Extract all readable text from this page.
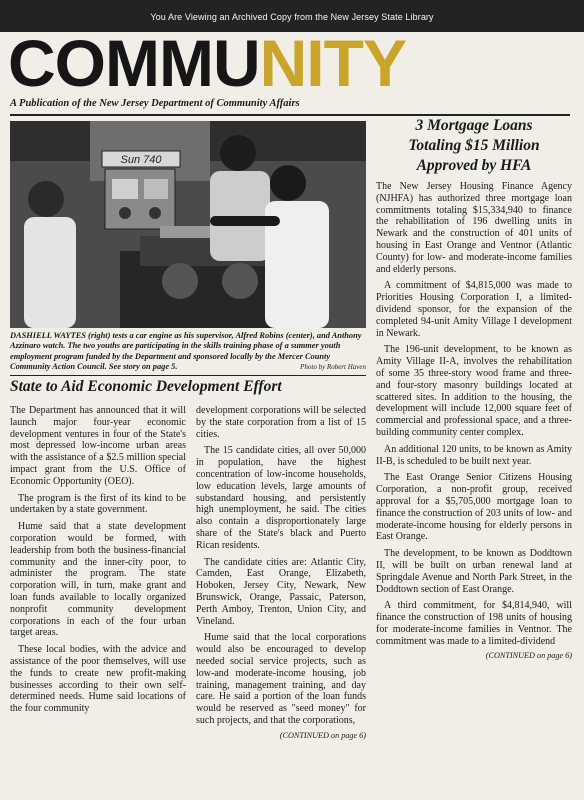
You Are Viewing an Archived Copy from the New Jersey State Library
COMMUNITY
A Publication of the New Jersey Department of Community Affairs
Sun 740
DASHIELL WAYTES (right) tests a car engine as his supervisor, Alfred Robins (center), and Anthony Azzinaro watch. The two youths are participating in the skills training phase of a summer youth employment program funded by the Department and sponsored locally by the Mercer County Community Action Council. See story on page 5.	Photo by Robert Haven
State to Aid Economic Development Effort

The Department has announced that it will launch major four-year economic development ventures in four of the State's most depressed low-income urban areas with the assistance of a $2.5 million special impact grant from the U.S. Office of Economic Opportunity (OEO).

The program is the first of its kind to be undertaken by a state government.

Hume said that a state development corporation would be formed, with leadership from both the business-financial community and the inner-city poor, to administer the program. The state corporation will, in turn, make grant and loan funds available to locally organized nonprofit community development corporations in each of the four urban target areas.

These local bodies, with the advice and assistance of the poor themselves, will use the funds to create new profit-making businesses according to their own self-determined needs. Hume said locations of the four community

development corporations will be selected by the state corporation from a list of 15 cities.

The 15 candidate cities, all over 50,000 in population, have the highest concentration of low-income households, low education levels, large amounts of substandard housing, and persistently high unemployment, he said. The cities also contain a disproportionately large share of the State's black and Puerto Rican residents.

The candidate cities are: Atlantic City, Camden, East Orange, Elizabeth, Hoboken, Jersey City, Newark, New Brunswick, Orange, Passaic, Paterson, Perth Amboy, Trenton, Union City, and Vineland.

Hume said that the local corporations would also be encouraged to develop needed social service projects, such as low-and moderate-income housing, job training, management training, and day care. He said a portion of the loan funds would be reserved as "seed money" for such projects, and that the corporations,

(CONTINUED on page 6)
3 Mortgage Loans
Totaling $15 Million
Approved by HFA

The New Jersey Housing Finance Agency (NJHFA) has authorized three mortgage loan commitments totaling $15,334,940 to finance the rehabilitation of 196 dwelling units in Newark and the construction of 401 units of housing in East Orange and Ventnor (Atlantic County) for low- and moderate-income families and elderly persons.

A commitment of $4,815,000 was made to Priorities Housing Corporation I, a limited-dividend sponsor, for the expansion of the completed 94-unit Amity Village I development in Newark.

The 196-unit development, to be known as Amity Village II-A, involves the rehabilitation of some 35 three-story wood frame and three- and four-story masonry buildings located at scattered sites. In addition to the housing, the development will include 12,000 square feet of commercial and professional space, and a three-building community center complex.

An additional 120 units, to be known as Amity II-B, is scheduled to be built next year.

The East Orange Senior Citizens Housing Corporation, a non-profit group, received approval for a $5,705,000 mortgage loan to finance the construction of 203 units of low- and moderate-income housing for elderly persons in East Orange.

The development, to be known as Doddtown II, will be built on urban renewal land at Springdale Avenue and North Park Street, in the Doddtown section of East Orange.

A third commitment, for $4,814,940, will finance the construction of 198 units of housing for moderate-income families in Ventnor. The commitment was made to a limited-dividend

(CONTINUED on page 6)
